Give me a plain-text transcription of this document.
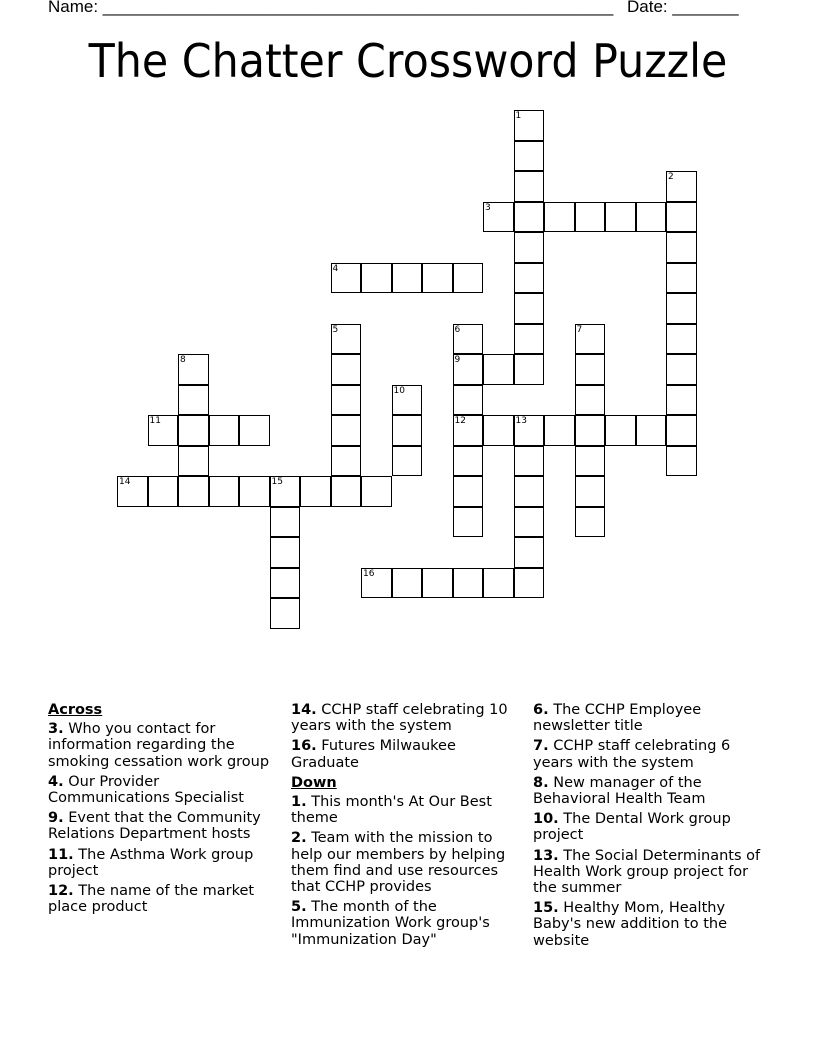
Name: ______________________________________________________ Date: _______
The Chatter Crossword Puzzle
1
2
3
4
5	6
9
12
7
8
10
11	13
14	15
16
Across
3. Who you contact for information regarding the smoking cessation work group
4. Our Provider Communications Specialist
9. Event that the Community Relations Department hosts
11. The Asthma Work group project
12. The name of the market place product
14. CCHP staff celebrating 10 years with the system
16. Futures Milwaukee Graduate
Down
1. This month's At Our Best theme
2. Team with the mission to help our members by helping them find and use resources that CCHP provides
5. The month of the Immunization Work group's "Immunization Day"
6. The CCHP Employee newsletter title
7. CCHP staff celebrating 6 years with the system
8. New manager of the Behavioral Health Team
10. The Dental Work group project
13. The Social Determinants of Health Work group project for the summer
15. Healthy Mom, Healthy Baby's new addition to the website
